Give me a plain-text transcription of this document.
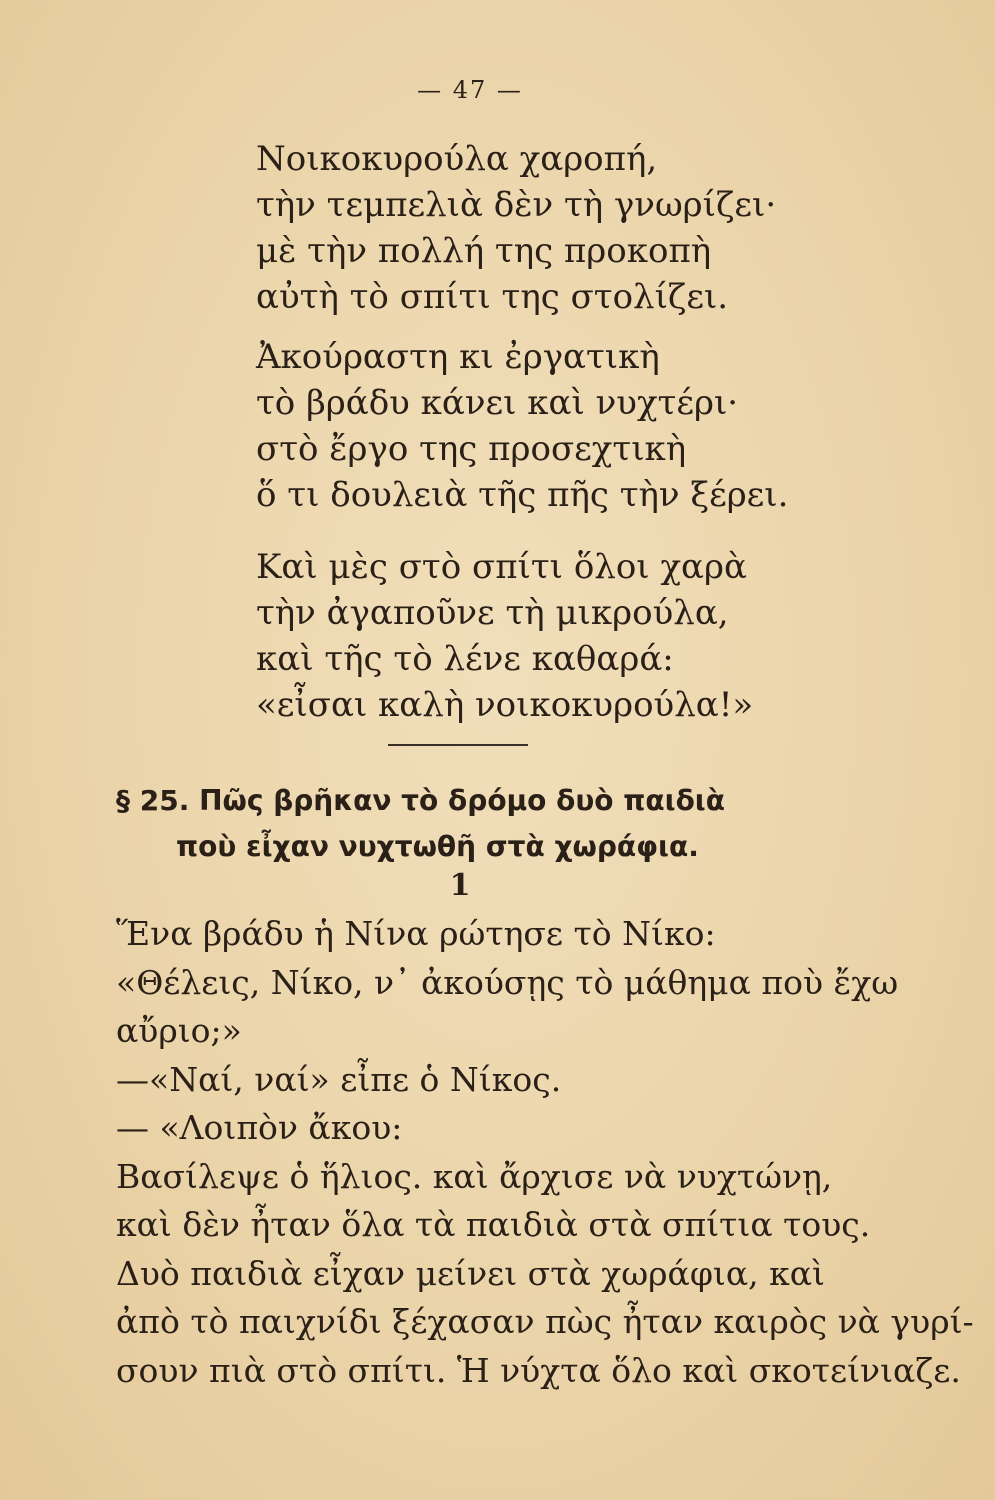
— 47 —
Νοικοκυρούλα χαροπή,
τὴν τεμπελιὰ δὲν τὴ γνωρίζει·
μὲ τὴν πολλή της προκοπὴ
αὐτὴ τὸ σπίτι της στολίζει.
Ἀκούραστη κι ἐργατικὴ
τὸ βράδυ κάνει καὶ νυχτέρι·
στὸ ἔργο της προσεχτικὴ
ὅ τι δουλειὰ τῆς πῆς τὴν ξέρει.
Καὶ μὲς στὸ σπίτι ὅλοι χαρὰ
τὴν ἀγαποῦνε τὴ μικρούλα,
καὶ τῆς τὸ λένε καθαρά:
«εἶσαι καλὴ νοικοκυρούλα!»
§ 25. Πῶς βρῆκαν τὸ δρόμο δυὸ παιδιὰ
ποὺ εἶχαν νυχτωθῆ στὰ χωράφια.
1
Ἕνα βράδυ ἡ Νίνα ρώτησε τὸ Νίκο:
«Θέλεις, Νίκο, ν᾽ ἀκούσῃς τὸ μάθημα ποὺ ἔχω
αὔριο;»
—«Ναί, ναί» εἶπε ὁ Νίκος.
— «Λοιπὸν ἄκου:
Βασίλεψε ὁ ἥλιος. καὶ ἄρχισε νὰ νυχτώνῃ,
καὶ δὲν ἦταν ὅλα τὰ παιδιὰ στὰ σπίτια τους.
Δυὸ παιδιὰ εἶχαν μείνει στὰ χωράφια, καὶ
ἀπὸ τὸ παιχνίδι ξέχασαν πὼς ἦταν καιρὸς νὰ γυρί-
σουν πιὰ στὸ σπίτι. Ἡ νύχτα ὅλο καὶ σκοτείνιαζε.
